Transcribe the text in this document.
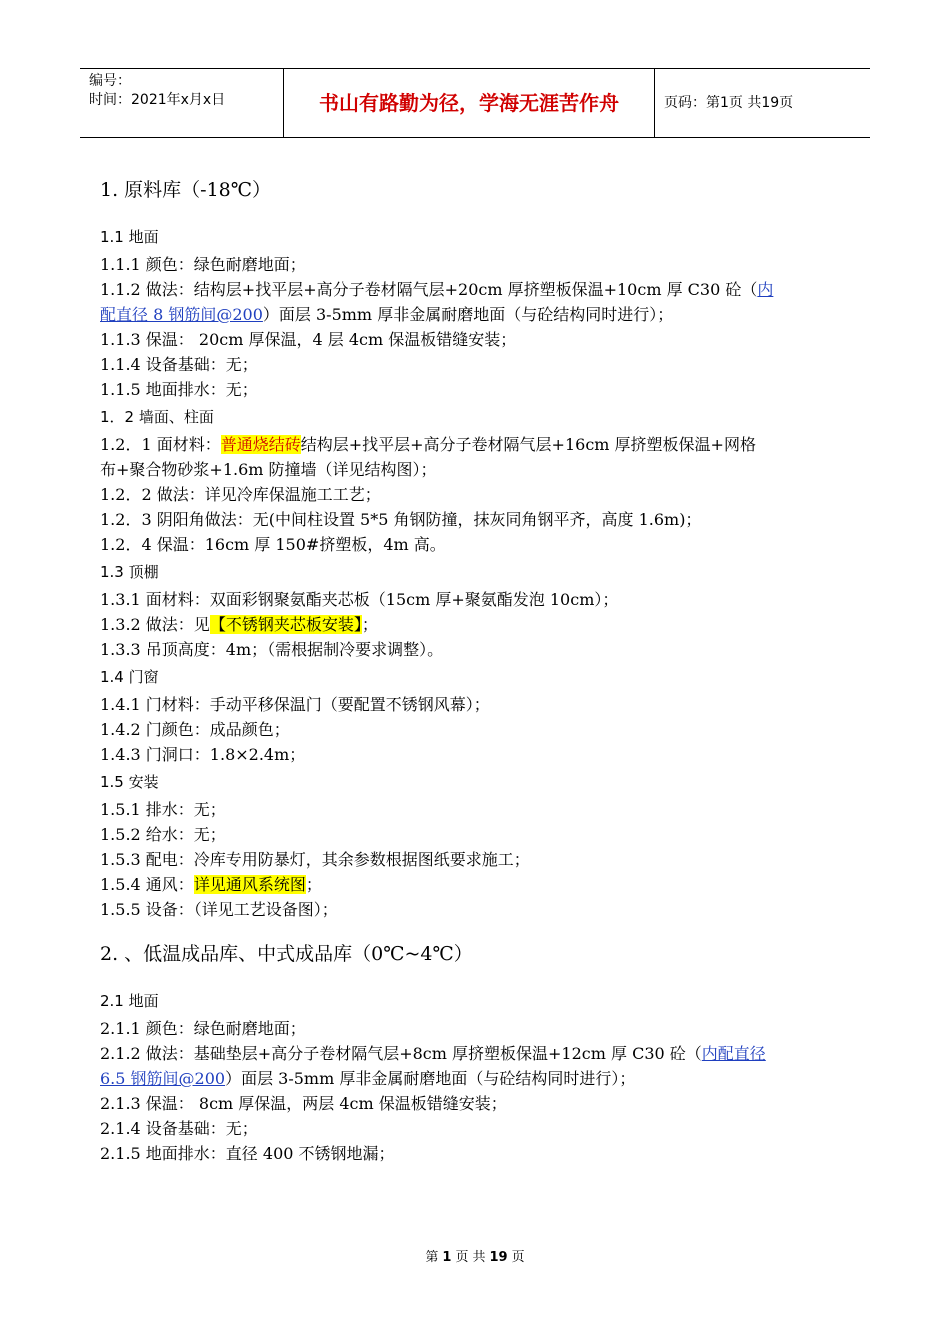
编号：
时间：2021年x月x日	书山有路勤为径，学海无涯苦作舟	页码：第1页 共19页
1. 原料库（-18℃）
1.1 地面
1.1.1 颜色：绿色耐磨地面；
1.1.2 做法：结构层+找平层+高分子卷材隔气层+20cm 厚挤塑板保温+10cm 厚 C30 砼（内
配直径 8 钢筋间@200）面层 3-5mm 厚非金属耐磨地面（与砼结构同时进行）；
1.1.3 保温： 20cm 厚保温，4 层 4cm 保温板错缝安装；
1.1.4 设备基础：无；
1.1.5 地面排水：无；
1．2 墙面、柱面
1.2．1 面材料：普通烧结砖结构层+找平层+高分子卷材隔气层+16cm 厚挤塑板保温+网格
布+聚合物砂浆+1.6m 防撞墙（详见结构图）；
1.2．2 做法：详见冷库保温施工工艺；
1.2．3 阴阳角做法：无(中间柱设置 5*5 角钢防撞，抹灰同角钢平齐，高度 1.6m)；
1.2．4 保温：16cm 厚 150#挤塑板，4m 高。
1.3 顶棚
1.3.1 面材料：双面彩钢聚氨酯夹芯板（15cm 厚+聚氨酯发泡 10cm）；
1.3.2 做法：见【不锈钢夹芯板安装】；
1.3.3 吊顶高度：4m；（需根据制冷要求调整）。
1.4 门窗
1.4.1 门材料：手动平移保温门（要配置不锈钢风幕）；
1.4.2 门颜色：成品颜色；
1.4.3 门洞口：1.8×2.4m；
1.5 安装
1.5.1 排水：无；
1.5.2 给水：无；
1.5.3 配电：冷库专用防暴灯，其余参数根据图纸要求施工；
1.5.4 通风：详见通风系统图；
1.5.5 设备：（详见工艺设备图）；
2. 、低温成品库、中式成品库（0℃~4℃）
2.1 地面
2.1.1 颜色：绿色耐磨地面；
2.1.2 做法：基础垫层+高分子卷材隔气层+8cm 厚挤塑板保温+12cm 厚 C30 砼（内配直径
6.5 钢筋间@200）面层 3-5mm 厚非金属耐磨地面（与砼结构同时进行）；
2.1.3 保温： 8cm 厚保温，两层 4cm 保温板错缝安装；
2.1.4 设备基础：无；
2.1.5 地面排水：直径 400 不锈钢地漏；
第 1 页 共 19 页
